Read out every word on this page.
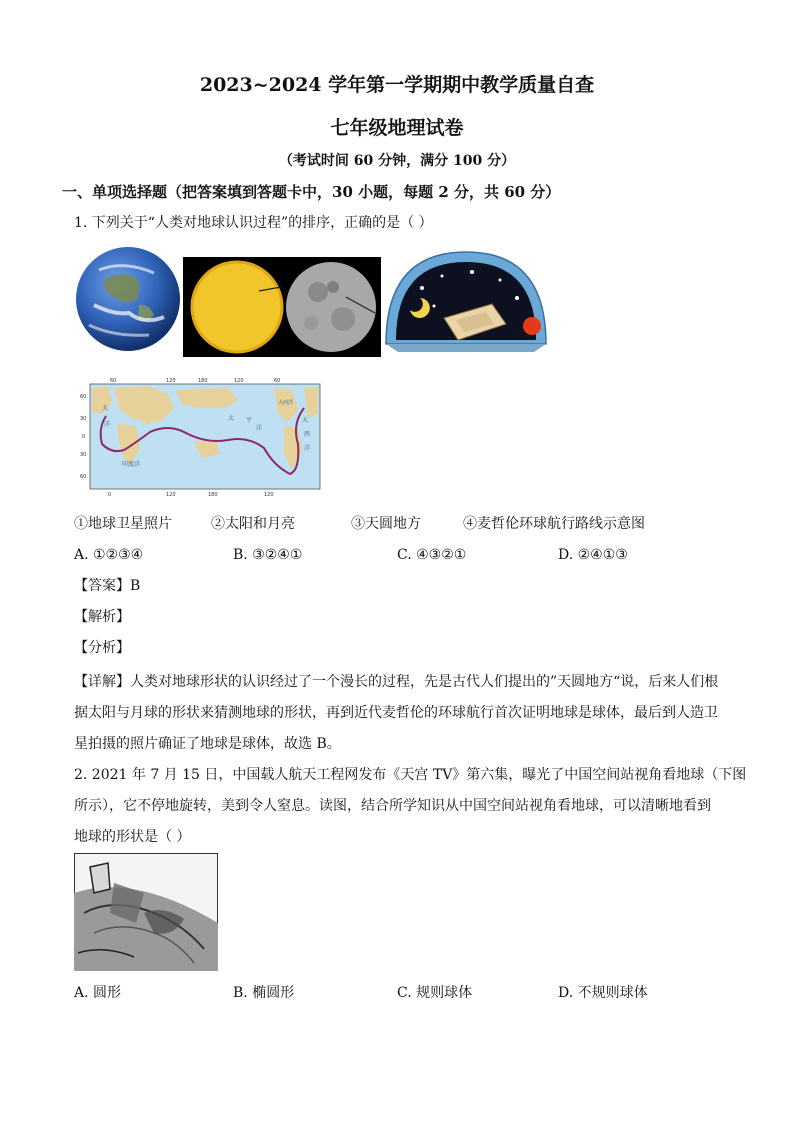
2023~2024 学年第一学期期中教学质量自查
七年级地理试卷
（考试时间 60 分钟，满分 100 分）
一、单项选择题（把答案填到答题卡中，30 小题，每题 2 分，共 60 分）
1. 下列关于“人类对地球认识过程”的排序，正确的是（ ）
60	120	180	120	60
60
30
0
30
60
0	120	180	120
大
洋
太 平
洋
印度洋
大
西
洋
大西洋
①地球卫星照片	②太阳和月亮	③天圆地方	④麦哲伦环球航行路线示意图
A. ①②③④	B. ③②④①	C. ④③②①	D. ②④①③
【答案】B
【解析】
【分析】
【详解】人类对地球形状的认识经过了一个漫长的过程，先是古代人们提出的”天圆地方“说，后来人们根
据太阳与月球的形状来猜测地球的形状，再到近代麦哲伦的环球航行首次证明地球是球体，最后到人造卫
星拍摄的照片确证了地球是球体，故选 B。
2. 2021 年 7 月 15 日，中国载人航天工程网发布《天宫 TV》第六集，曝光了中国空间站视角看地球（下图
所示），它不停地旋转，美到令人窒息。读图，结合所学知识从中国空间站视角看地球，可以清晰地看到
地球的形状是（ ）
A. 圆形	B. 椭圆形	C. 规则球体	D. 不规则球体
